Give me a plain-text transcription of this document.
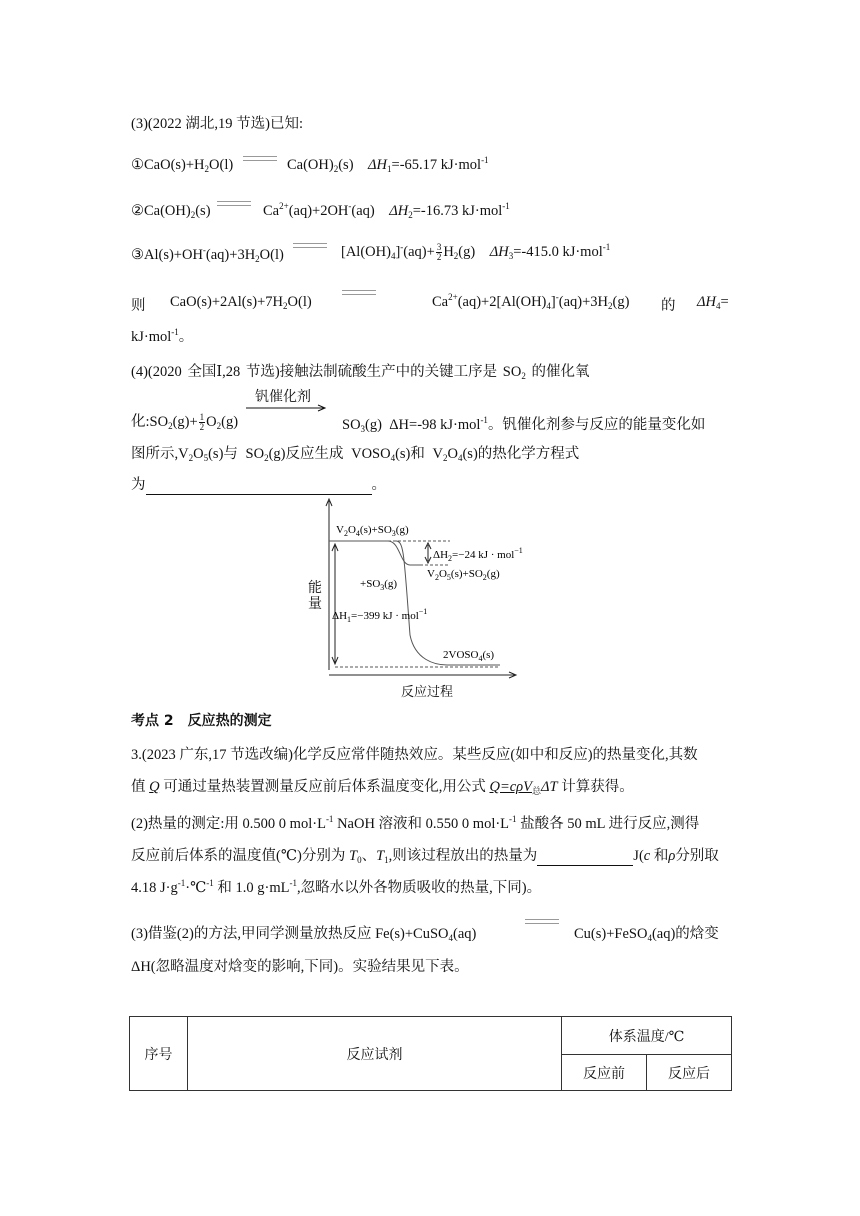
(3)(2022 湖北,19 节选)已知:
$①CaO(s)+H_2O(l)$	$Ca(OH)_2(s)$ $\Delta H_1=-65.17$ kJ·mol$^{-1}$
$②Ca(OH)_2(s)$	$Ca^{2+}(aq)+2OH^-(aq)$ $\Delta H_2=-16.73$ kJ·mol$^{-1}$
$③Al(s)+OH^-(aq)+3H_2O(l)$	$[Al(OH)_4]^-(aq)+ \frac{3}{2} H_2(g)$ $\Delta H_3=-415.0$ kJ·mol$^{-1}$
则 $CaO(s)+2Al(s)+7H_2O(l)$	$Ca^{2+}(aq)+2[Al(OH)_4]^-(aq)+3H_2(g)$ 的 $\Delta H_4=$
kJ·mol$^{-1}$。
(4)(2020 全国Ⅰ,28 节选)接触法制硫酸生产中的关键工序是 $SO_2$ 的催化氧
钒催化剂
化$:SO_2(g)+ \frac{1}{2} O_2(g)$	$SO_3(g)$ ΔH=-98 kJ·mol$^{-1}$。钒催化剂参与反应的能量变化如
图所示$,V_2O_5(s)$与 $SO_2(g)$反应生成 $VOSO_4(s)$和 $V_2O_4(s)$的热化学方程式
为	。
$V_2O_4(s)+SO_3(g)$
$\Delta H_2=-24$ kJ · mol$^{-1}$
$V_2O_5(s)+SO_2(g)$
$+SO_3(g)$
$\Delta H_1=-399$ kJ · mol$^{-1}$
$2VOSO_4(s)$
能量
反应过程
考点 2　反应热的测定
3.(2023 广东,17 节选改编)化学反应常伴随热效应。某些反应(如中和反应)的热量变化,其数
值 Q 可通过量热装置测量反应前后体系温度变化,用公式 Q=cρV$_总$ΔT 计算获得。
(2)热量的测定:用 0.500 0 $mol\cdot L^{-1}$ NaOH 溶液和 0.550 0 $mol\cdot L^{-1}$ 盐酸各 50 mL 进行反应,测得
反应前后体系的温度值(℃)分别为 $T_0$、$T_1$,则该过程放出的热量为	J(c 和ρ分别取
4.18 $J\cdot g^{-1}\cdot℃^{-1}$ 和 1.0 $g\cdot mL^{-1}$,忽略水以外各物质吸收的热量,下同)。
(3)借鉴(2)的方法,甲同学测量放热反应 Fe(s)+CuSO$_4$(aq)	Cu(s)+FeSO$_4$(aq)的焓变
ΔH(忽略温度对焓变的影响,下同)。实验结果见下表。
序号	反应试剂	体系温度/℃	
		反应前	反应后
